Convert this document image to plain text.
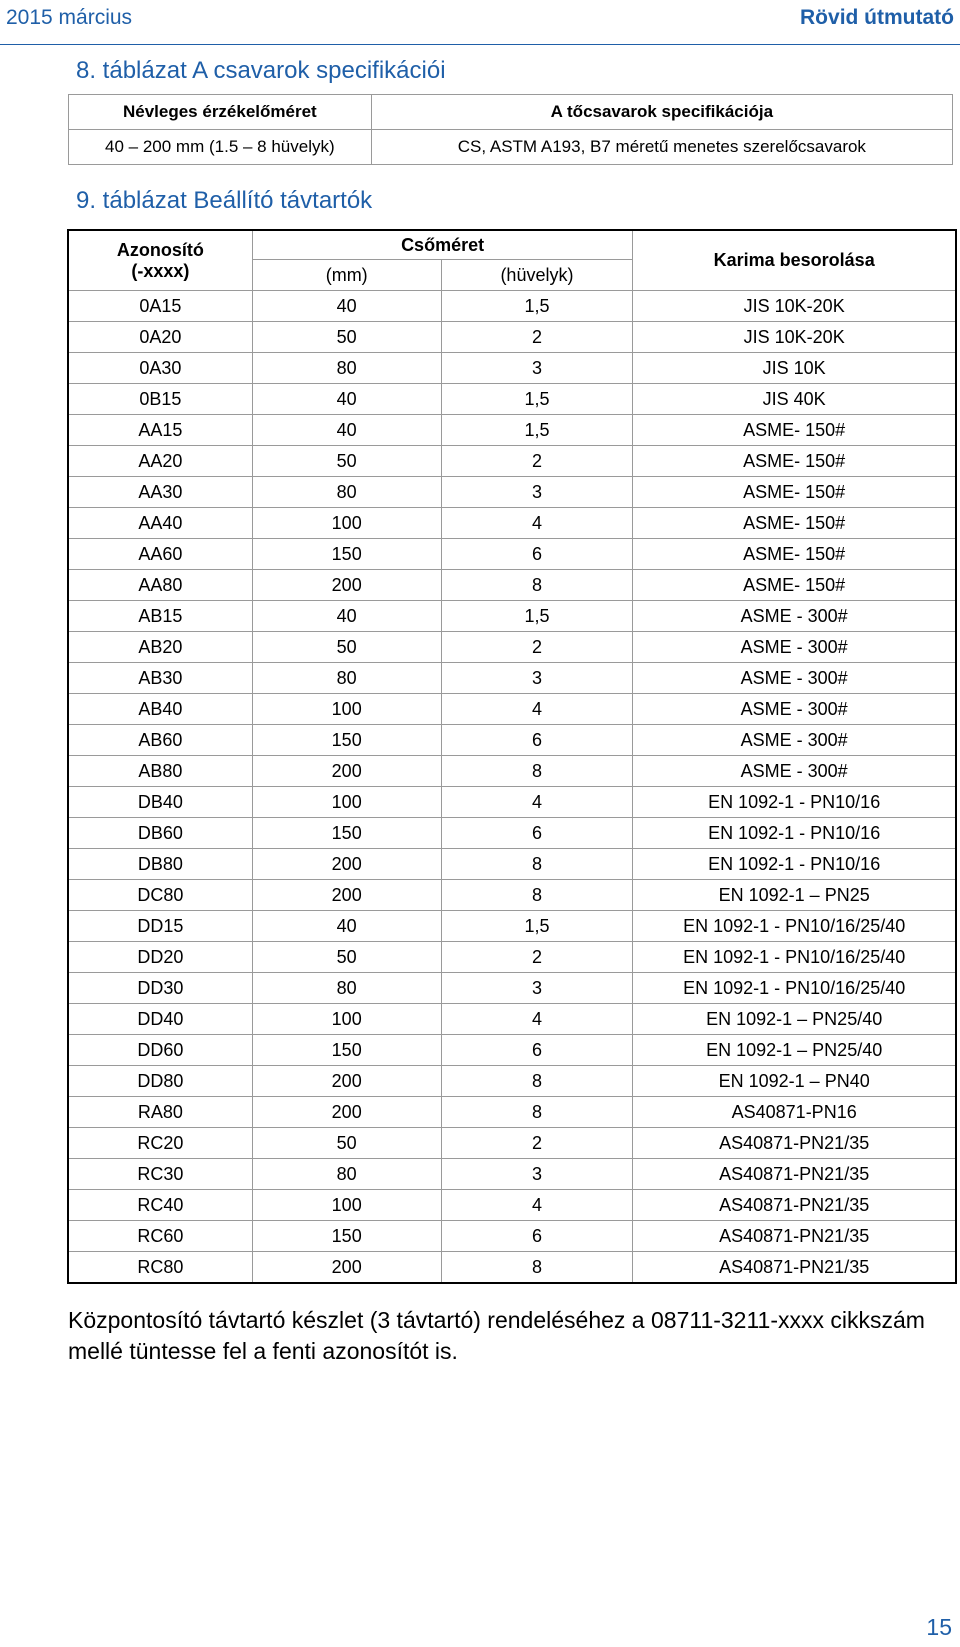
2015 március	Rövid útmutató
8. táblázat A csavarok specifikációi
Névleges érzékelőméret	A tőcsavarok specifikációja
40 – 200 mm (1.5 – 8 hüvelyk)	CS, ASTM A193, B7 méretű menetes szerelőcsavarok
9. táblázat Beállító távtartók
Azonosító
(-xxxx)	Csőméret		Karima besorolása
	(mm)	(hüvelyk)	
0A15	40	1,5	JIS 10K-20K
0A20	50	2	JIS 10K-20K
0A30	80	3	JIS 10K
0B15	40	1,5	JIS 40K
AA15	40	1,5	ASME- 150#
AA20	50	2	ASME- 150#
AA30	80	3	ASME- 150#
AA40	100	4	ASME- 150#
AA60	150	6	ASME- 150#
AA80	200	8	ASME- 150#
AB15	40	1,5	ASME - 300#
AB20	50	2	ASME - 300#
AB30	80	3	ASME - 300#
AB40	100	4	ASME - 300#
AB60	150	6	ASME - 300#
AB80	200	8	ASME - 300#
DB40	100	4	EN 1092-1 - PN10/16
DB60	150	6	EN 1092-1 - PN10/16
DB80	200	8	EN 1092-1 - PN10/16
DC80	200	8	EN 1092-1 – PN25
DD15	40	1,5	EN 1092-1 - PN10/16/25/40
DD20	50	2	EN 1092-1 - PN10/16/25/40
DD30	80	3	EN 1092-1 - PN10/16/25/40
DD40	100	4	EN 1092-1 – PN25/40
DD60	150	6	EN 1092-1 – PN25/40
DD80	200	8	EN 1092-1 – PN40
RA80	200	8	AS40871-PN16
RC20	50	2	AS40871-PN21/35
RC30	80	3	AS40871-PN21/35
RC40	100	4	AS40871-PN21/35
RC60	150	6	AS40871-PN21/35
RC80	200	8	AS40871-PN21/35
Központosító távtartó készlet (3 távtartó) rendeléséhez a 08711-3211-xxxx cikkszám mellé tüntesse fel a fenti azonosítót is.
15
